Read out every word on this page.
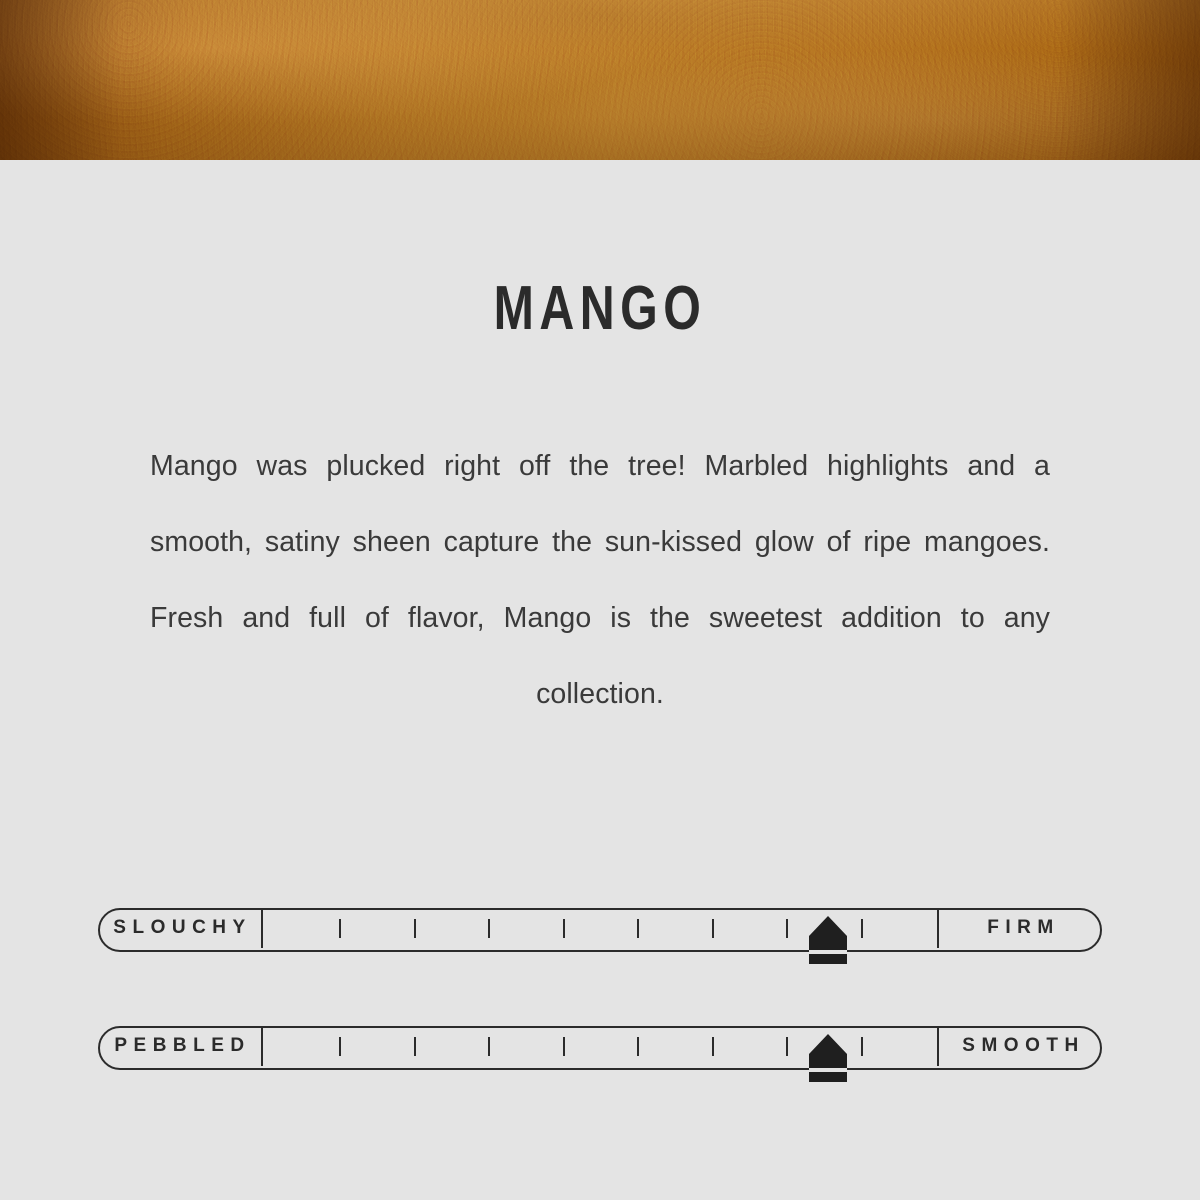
MANGO
Mango was plucked right off the tree! Marbled highlights and a smooth, satiny sheen capture the sun-kissed glow of ripe mangoes. Fresh and full of flavor, Mango is the sweetest addition to any collection.
SLOUCHY	FIRM
PEBBLED	SMOOTH
